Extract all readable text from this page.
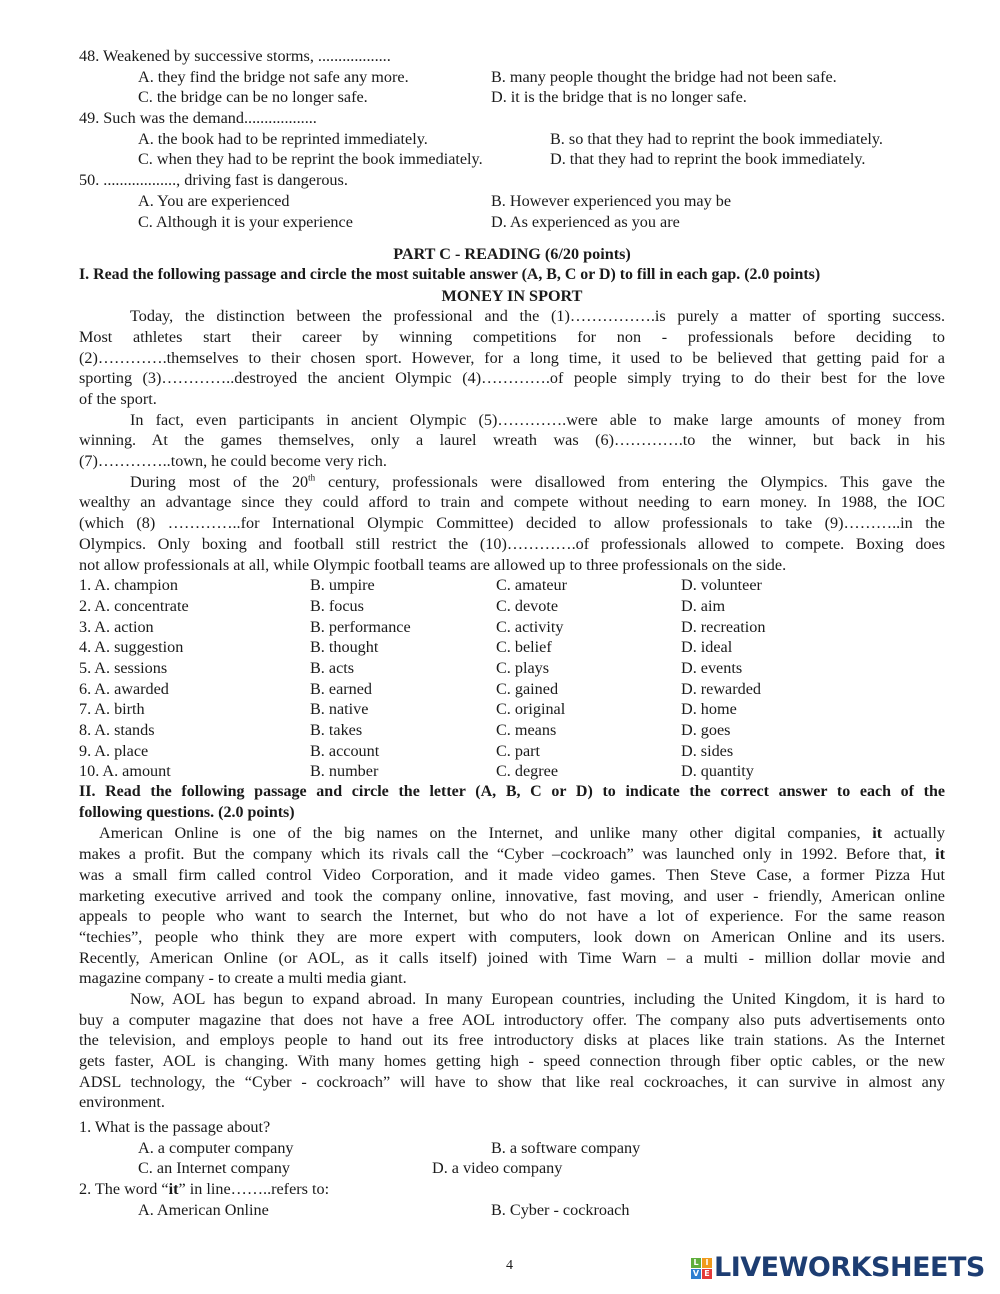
48. Weakened by successive storms, ..................
A. they find the bridge not safe any more.	B. many people thought the bridge had not been safe.
C. the bridge can be no longer safe.	D. it is the bridge that is no longer safe.
49. Such was the demand..................
A. the book had to be reprinted immediately.	B. so that they had to reprint the book immediately.
C. when they had to be reprint the book immediately.	D. that they had to reprint the book immediately.
50. .................., driving fast is dangerous.
A. You are experienced	B. However experienced you may be
C. Although it is your experience	D. As experienced as you are
PART C - READING (6/20 points)
I. Read the following passage and circle the most suitable answer (A, B, C or D) to fill in each gap. (2.0 points)
MONEY IN SPORT
Today, the distinction between the professional and the (1)…………….is purely a matter of sporting success.
Most athletes start their career by winning competitions for non - professionals before deciding to
(2)………….themselves to their chosen sport. However, for a long time, it used to be believed that getting paid for a
sporting (3)…………..destroyed the ancient Olympic (4)………….of people simply trying to do their best for the love
of the sport.
In fact, even participants in ancient Olympic (5)………….were able to make large amounts of money from
winning. At the games themselves, only a laurel wreath was (6)………….to the winner, but back in his
(7)…………..town, he could become very rich.
During most of the 20th century, professionals were disallowed from entering the Olympics. This gave the
wealthy an advantage since they could afford to train and compete without needing to earn money. In 1988, the IOC
(which (8) …………..for International Olympic Committee) decided to allow professionals to take (9)………..in the
Olympics. Only boxing and football still restrict the (10)………….of professionals allowed to compete. Boxing does
not allow professionals at all, while Olympic football teams are allowed up to three professionals on the side.
1. A. champion	B. umpire	C. amateur	D. volunteer
2. A. concentrate	B. focus	C. devote	D. aim
3. A. action	B. performance	C. activity	D. recreation
4. A. suggestion	B. thought	C. belief	D. ideal
5. A. sessions	B. acts	C. plays	D. events
6. A. awarded	B. earned	C. gained	D. rewarded
7. A. birth	B. native	C. original	D. home
8. A. stands	B. takes	C. means	D. goes
9. A. place	B. account	C. part	D. sides
10. A. amount	B. number	C. degree	D. quantity
II. Read the following passage and circle the letter (A, B, C or D) to indicate the correct answer to each of the
following questions. (2.0 points)
American Online is one of the big names on the Internet, and unlike many other digital companies, it actually
makes a profit. But the company which its rivals call the “Cyber –cockroach” was launched only in 1992. Before that, it
was a small firm called control Video Corporation, and it made video games. Then Steve Case, a former Pizza Hut
marketing executive arrived and took the company online, innovative, fast moving, and user - friendly, American online
appeals to people who want to search the Internet, but who do not have a lot of experience. For the same reason
“techies”, people who think they are more expert with computers, look down on American Online and its users.
Recently, American Online (or AOL, as it calls itself) joined with Time Warn – a multi - million dollar movie and
magazine company - to create a multi media giant.
Now, AOL has begun to expand abroad. In many European countries, including the United Kingdom, it is hard to
buy a computer magazine that does not have a free AOL introductory offer. The company also puts advertisements onto
the television, and employs people to hand out its free introductory disks at places like train stations. As the Internet
gets faster, AOL is changing. With many homes getting high - speed connection through fiber optic cables, or the new
ADSL technology, the “Cyber - cockroach” will have to show that like real cockroaches, it can survive in almost any
environment.
1. What is the passage about?
A. a computer company	B. a software company
C. an Internet company	D. a video company
2. The word “it” in line……..refers to:
A. American Online	B. Cyber - cockroach
4	L I
V E LIVEWORKSHEETS
